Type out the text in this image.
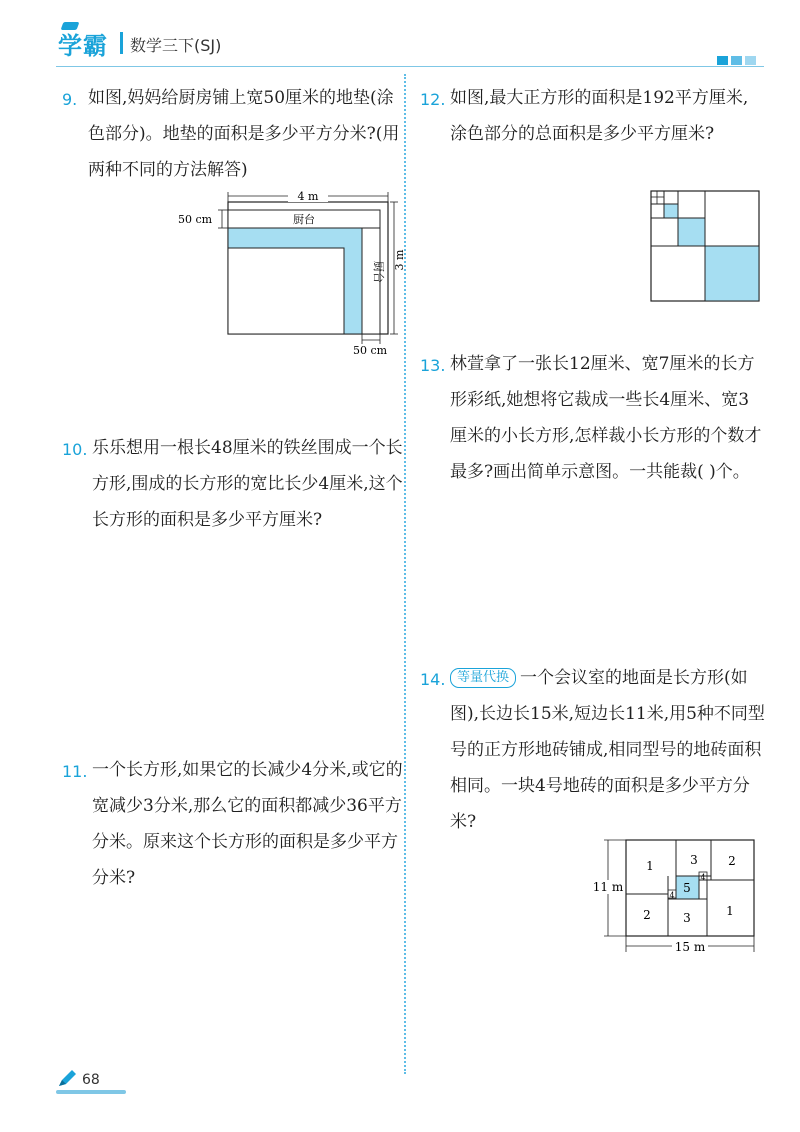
学霸 数学三下(SJ)
9. 如图,妈妈给厨房铺上宽50厘米的地垫(涂色部分)。地垫的面积是多少平方分米?(用两种不同的方法解答)
4 m
50 cm	厨台
厨台
3 m
50 cm
10. 乐乐想用一根长48厘米的铁丝围成一个长方形,围成的长方形的宽比长少4厘米,这个长方形的面积是多少平方厘米?
11. 一个长方形,如果它的长减少4分米,或它的宽减少3分米,那么它的面积都减少36平方分米。原来这个长方形的面积是多少平方分米?
12. 如图,最大正方形的面积是192平方厘米,涂色部分的总面积是多少平方厘米?
13. 林萱拿了一张长12厘米、宽7厘米的长方形彩纸,她想将它裁成一些长4厘米、宽3厘米的小长方形,怎样裁小长方形的个数才最多?画出简单示意图。一共能裁( )个。
14. 等量代换 一个会议室的地面是长方形(如图),长边长15米,短边长11米,用5种不同型号的正方形地砖铺成,相同型号的地砖面积相同。一块4号地砖的面积是多少平方分米?
1	3	2
4
5
4
2	3	1
11 m
15 m
68
